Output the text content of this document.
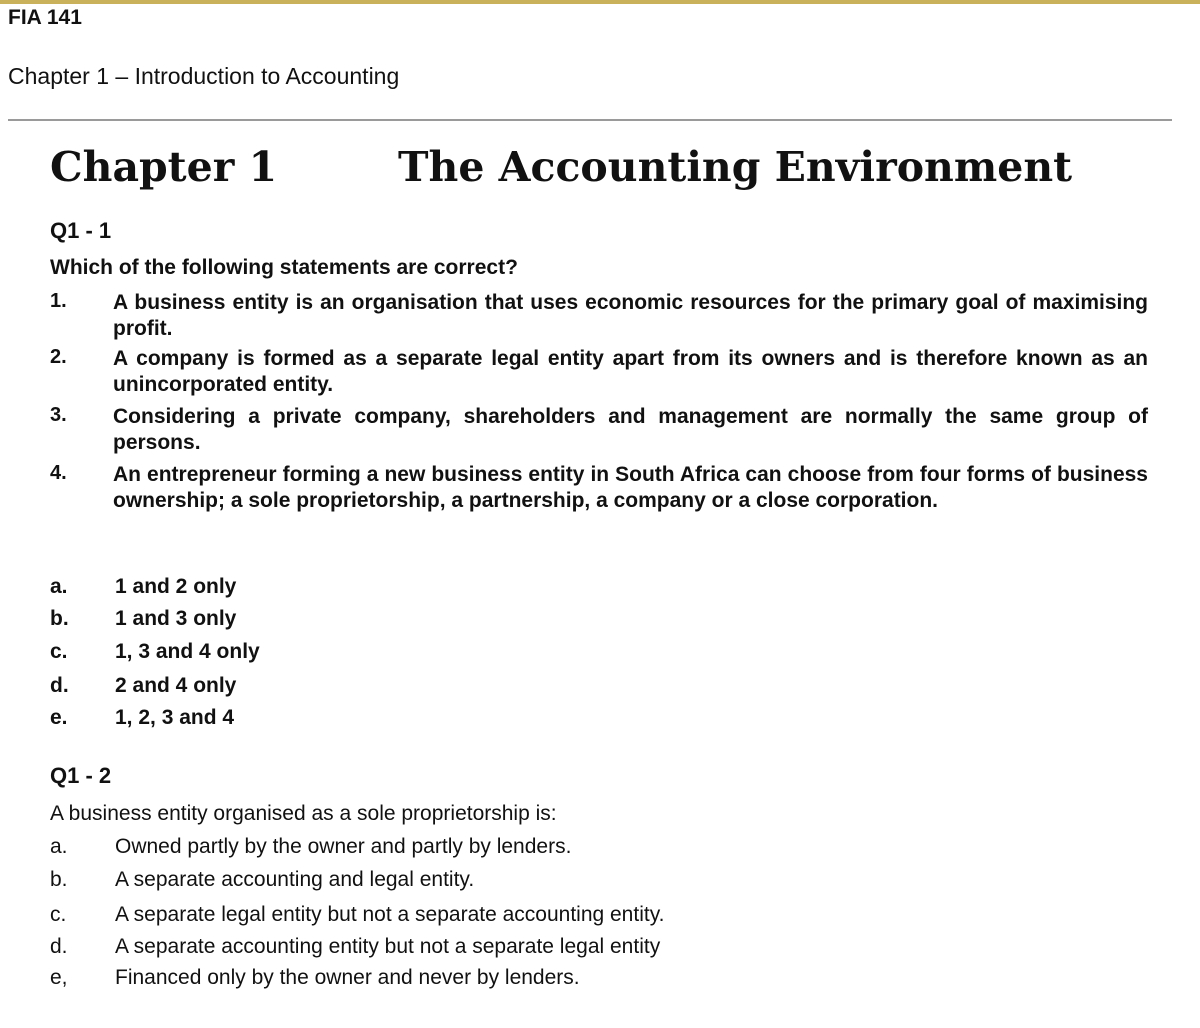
FIA 141
Chapter 1 – Introduction to Accounting
Chapter 1	The Accounting Environment
Q1 - 1
Which of the following statements are correct?
1. A business entity is an organisation that uses economic resources for the primary goal of maximising profit.
2. A company is formed as a separate legal entity apart from its owners and is therefore known as an unincorporated entity.
3. Considering a private company, shareholders and management are normally the same group of persons.
4. An entrepreneur forming a new business entity in South Africa can choose from four forms of business ownership; a sole proprietorship, a partnership, a company or a close corporation.
a. 1 and 2 only
b. 1 and 3 only
c. 1, 3 and 4 only
d. 2 and 4 only
e. 1, 2, 3 and 4
Q1 - 2
A business entity organised as a sole proprietorship is:
a. Owned partly by the owner and partly by lenders.
b. A separate accounting and legal entity.
c. A separate legal entity but not a separate accounting entity.
d. A separate accounting entity but not a separate legal entity
e, Financed only by the owner and never by lenders.
